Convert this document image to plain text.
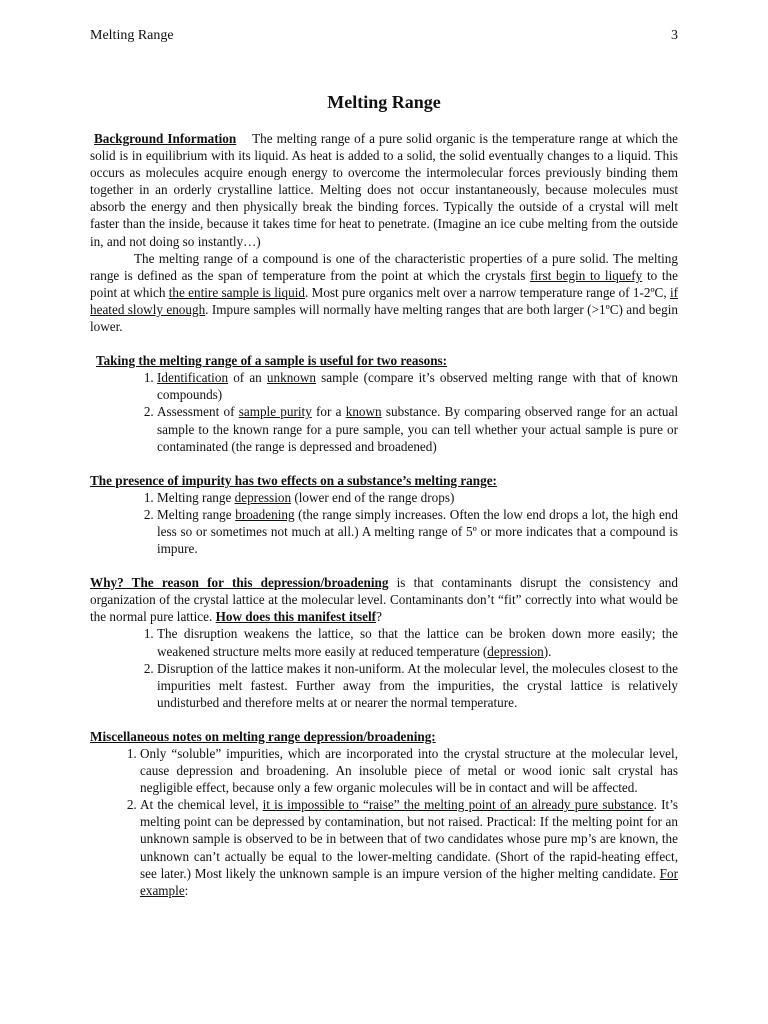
Melting Range	3
Melting Range

Background Information The melting range of a pure solid organic is the temperature range at which the solid is in equilibrium with its liquid. As heat is added to a solid, the solid eventually changes to a liquid. This occurs as molecules acquire enough energy to overcome the intermolecular forces previously binding them together in an orderly crystalline lattice. Melting does not occur instantaneously, because molecules must absorb the energy and then physically break the binding forces. Typically the outside of a crystal will melt faster than the inside, because it takes time for heat to penetrate. (Imagine an ice cube melting from the outside in, and not doing so instantly…)

The melting range of a compound is one of the characteristic properties of a pure solid. The melting range is defined as the span of temperature from the point at which the crystals first begin to liquefy to the point at which the entire sample is liquid. Most pure organics melt over a narrow temperature range of 1-2ºC, if heated slowly enough. Impure samples will normally have melting ranges that are both larger (>1ºC) and begin lower.

Taking the melting range of a sample is useful for two reasons:

1. Identification of an unknown sample (compare it’s observed melting range with that of known compounds)
2. Assessment of sample purity for a known substance. By comparing observed range for an actual sample to the known range for a pure sample, you can tell whether your actual sample is pure or contaminated (the range is depressed and broadened)

The presence of impurity has two effects on a substance’s melting range:

1. Melting range depression (lower end of the range drops)
2. Melting range broadening (the range simply increases. Often the low end drops a lot, the high end less so or sometimes not much at all.) A melting range of 5º or more indicates that a compound is impure.

Why? The reason for this depression/broadening is that contaminants disrupt the consistency and organization of the crystal lattice at the molecular level. Contaminants don’t “fit” correctly into what would be the normal pure lattice. How does this manifest itself?

1. The disruption weakens the lattice, so that the lattice can be broken down more easily; the weakened structure melts more easily at reduced temperature (depression).
2. Disruption of the lattice makes it non-uniform. At the molecular level, the molecules closest to the impurities melt fastest. Further away from the impurities, the crystal lattice is relatively undisturbed and therefore melts at or nearer the normal temperature.

Miscellaneous notes on melting range depression/broadening:

1. Only “soluble” impurities, which are incorporated into the crystal structure at the molecular level, cause depression and broadening. An insoluble piece of metal or wood ionic salt crystal has negligible effect, because only a few organic molecules will be in contact and will be affected.
2. At the chemical level, it is impossible to “raise” the melting point of an already pure substance. It’s melting point can be depressed by contamination, but not raised. Practical: If the melting point for an unknown sample is observed to be in between that of two candidates whose pure mp’s are known, the unknown can’t actually be equal to the lower-melting candidate. (Short of the rapid-heating effect, see later.) Most likely the unknown sample is an impure version of the higher melting candidate. For example:
